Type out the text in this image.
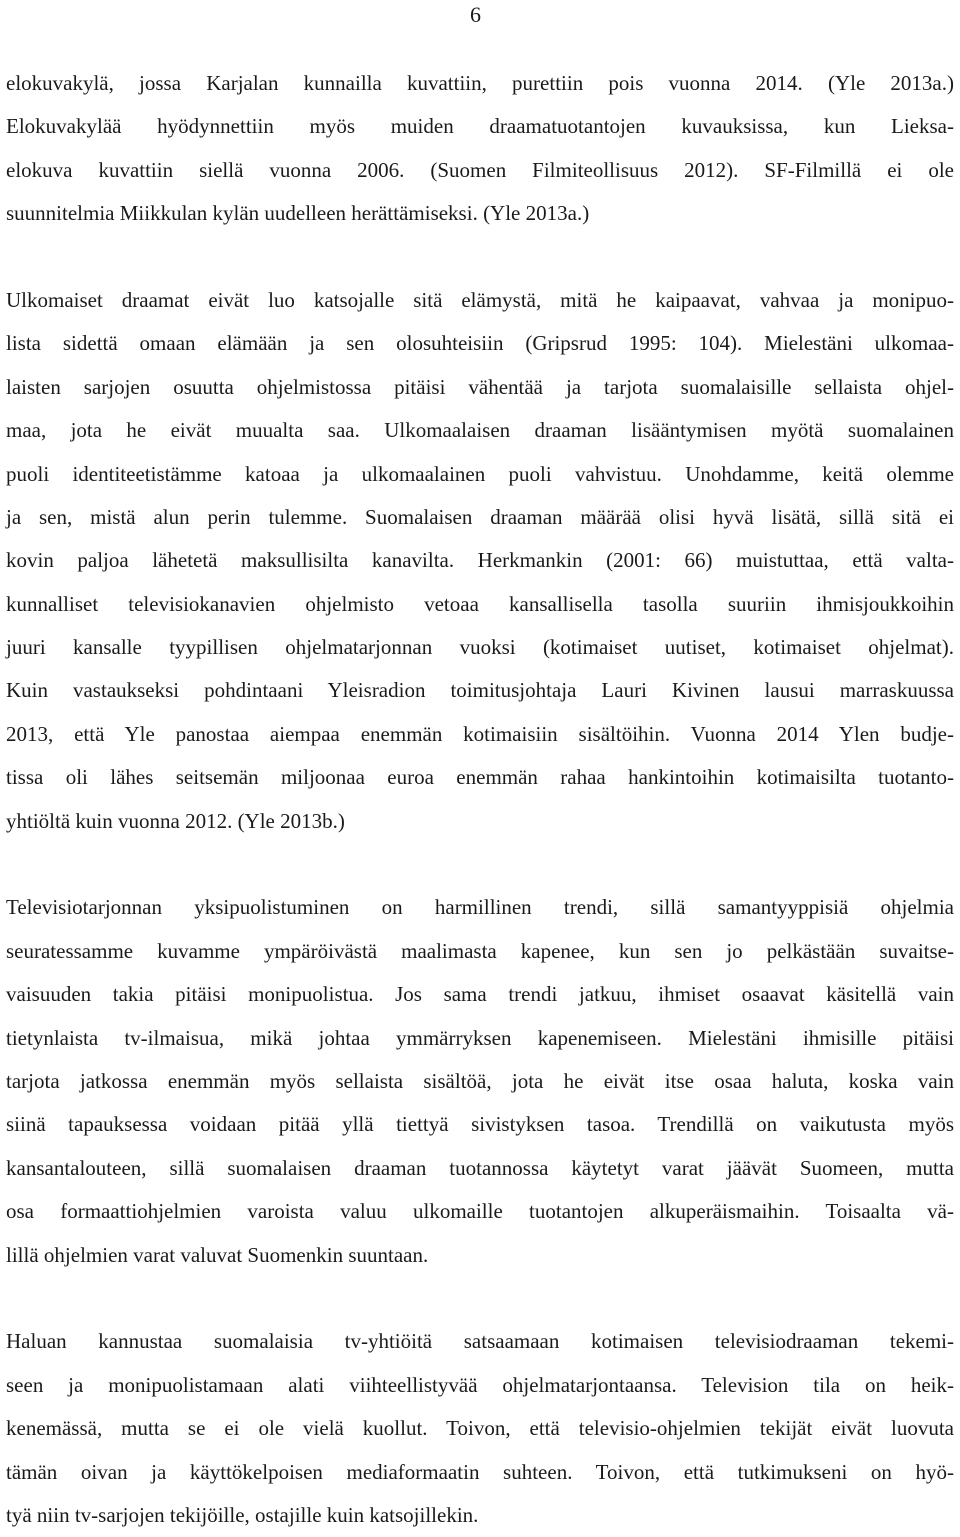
6

elokuvakylä, jossa Karjalan kunnailla kuvattiin, purettiin pois vuonna 2014. (Yle 2013a.)
Elokuvakylää hyödynnettiin myös muiden draamatuotantojen kuvauksissa, kun Lieksa-
elokuva kuvattiin siellä vuonna 2006. (Suomen Filmiteollisuus 2012). SF-Filmillä ei ole
suunnitelmia Miikkulan kylän uudelleen herättämiseksi. (Yle 2013a.)

Ulkomaiset draamat eivät luo katsojalle sitä elämystä, mitä he kaipaavat, vahvaa ja monipuo-
lista sidettä omaan elämään ja sen olosuhteisiin (Gripsrud 1995: 104). Mielestäni ulkomaa-
laisten sarjojen osuutta ohjelmistossa pitäisi vähentää ja tarjota suomalaisille sellaista ohjel-
maa, jota he eivät muualta saa. Ulkomaalaisen draaman lisääntymisen myötä suomalainen
puoli identiteetistämme katoaa ja ulkomaalainen puoli vahvistuu. Unohdamme, keitä olemme
ja sen, mistä alun perin tulemme. Suomalaisen draaman määrää olisi hyvä lisätä, sillä sitä ei
kovin paljoa lähetetä maksullisilta kanavilta. Herkmankin (2001: 66) muistuttaa, että valta-
kunnalliset televisiokanavien ohjelmisto vetoaa kansallisella tasolla suuriin ihmisjoukkoihin
juuri kansalle tyypillisen ohjelmatarjonnan vuoksi (kotimaiset uutiset, kotimaiset ohjelmat).
Kuin vastaukseksi pohdintaani Yleisradion toimitusjohtaja Lauri Kivinen lausui marraskuussa
2013, että Yle panostaa aiempaa enemmän kotimaisiin sisältöihin. Vuonna 2014 Ylen budje-
tissa oli lähes seitsemän miljoonaa euroa enemmän rahaa hankintoihin kotimaisilta tuotanto-
yhtiöltä kuin vuonna 2012. (Yle 2013b.)

Televisiotarjonnan yksipuolistuminen on harmillinen trendi, sillä samantyyppisiä ohjelmia
seuratessamme kuvamme ympäröivästä maalimasta kapenee, kun sen jo pelkästään suvaitse-
vaisuuden takia pitäisi monipuolistua. Jos sama trendi jatkuu, ihmiset osaavat käsitellä vain
tietynlaista tv-ilmaisua, mikä johtaa ymmärryksen kapenemiseen. Mielestäni ihmisille pitäisi
tarjota jatkossa enemmän myös sellaista sisältöä, jota he eivät itse osaa haluta, koska vain
siinä tapauksessa voidaan pitää yllä tiettyä sivistyksen tasoa. Trendillä on vaikutusta myös
kansantalouteen, sillä suomalaisen draaman tuotannossa käytetyt varat jäävät Suomeen, mutta
osa formaattiohjelmien varoista valuu ulkomaille tuotantojen alkuperäismaihin. Toisaalta vä-
lillä ohjelmien varat valuvat Suomenkin suuntaan.

Haluan kannustaa suomalaisia tv-yhtiöitä satsaamaan kotimaisen televisiodraaman tekemi-
seen ja monipuolistamaan alati viihteellistyvää ohjelmatarjontaansa. Television tila on heik-
kenemässä, mutta se ei ole vielä kuollut. Toivon, että televisio-ohjelmien tekijät eivät luovuta
tämän oivan ja käyttökelpoisen mediaformaatin suhteen. Toivon, että tutkimukseni on hyö-
tyä niin tv-sarjojen tekijöille, ostajille kuin katsojillekin.
